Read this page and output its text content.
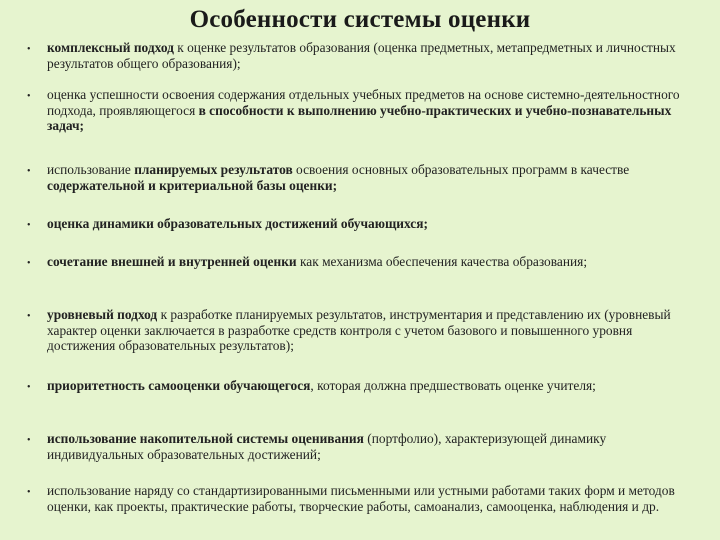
Особенности системы оценки
• комплексный подход к оценке результатов образования (оценка предметных, метапредметных и личностных результатов общего образования);
• оценка успешности освоения содержания отдельных учебных предметов на основе системно-деятельностного подхода, проявляющегося в способности к выполнению учебно-практических и учебно-познавательных задач;
• использование планируемых результатов освоения основных образовательных программ в качестве содержательной и критериальной базы оценки;
• оценка динамики образовательных достижений обучающихся;
• сочетание внешней и внутренней оценки как механизма обеспечения качества образования;
• уровневый подход к разработке планируемых результатов, инструментария и представлению их (уровневый характер оценки заключается в разработке средств контроля с учетом базового и повышенного уровня достижения образовательных результатов);
• приоритетность самооценки обучающегося, которая должна предшествовать оценке учителя;
• использование накопительной системы оценивания (портфолио), характеризующей динамику индивидуальных образовательных достижений;
• использование наряду со стандартизированными письменными или устными работами таких форм и методов оценки, как проекты, практические работы, творческие работы, самоанализ, самооценка, наблюдения и др.
